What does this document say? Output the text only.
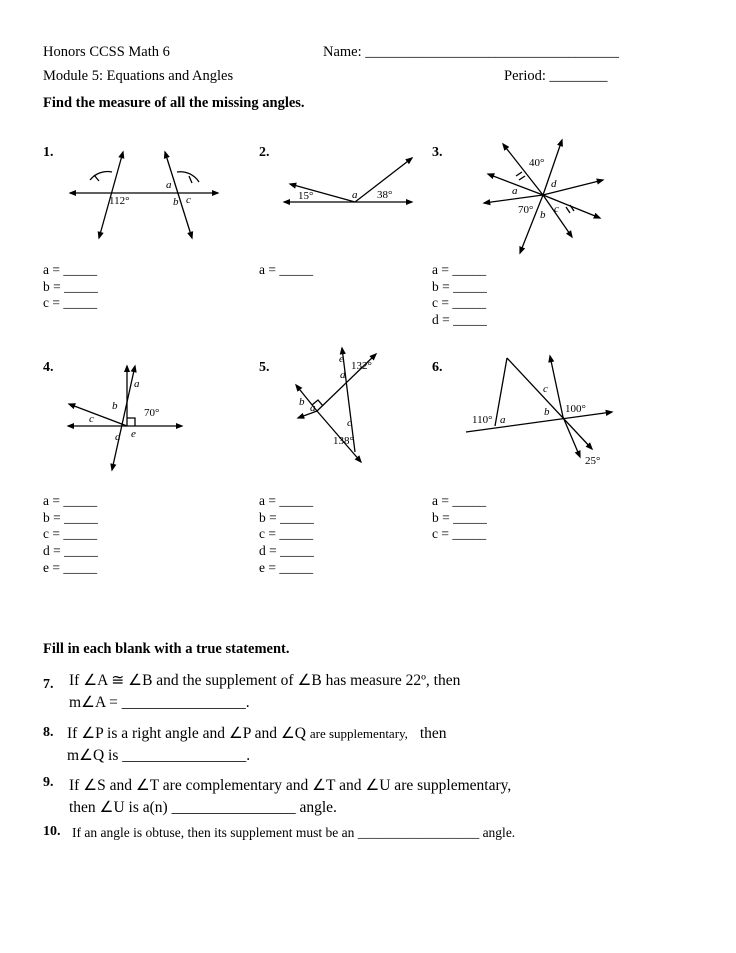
Honors CCSS Math 6	Name: ___________________________________
Module 5: Equations and Angles	Period: ________
Find the measure of all the missing angles.
1.	2.	3.
4.	5.	6.
112°
a
b c	15°	a 38°
40°
a
d
70° c
b
a
b
70°
c
d e
e
132°
d
b a
c
138°
110° a
c
b 100°
25°
a = _____
b = _____
c = _____
a = _____	a = _____
b = _____
c = _____
d = _____
a = _____
b = _____
c = _____
d = _____
e = _____
a = _____
b = _____
c = _____
d = _____
e = _____
a = _____
b = _____
c = _____
Fill in each blank with a true statement.
7. If ∠A ≅ ∠B and the supplement of ∠B has measure 22º, then
m∠A = ________________.
8. If ∠P is a right angle and ∠P and ∠Q are supplementary, then
m∠Q is ________________.
9. If ∠S and ∠T are complementary and ∠T and ∠U are supplementary,
then ∠U is a(n) ________________ angle.
10. If an angle is obtuse, then its supplement must be an __________________ angle.
